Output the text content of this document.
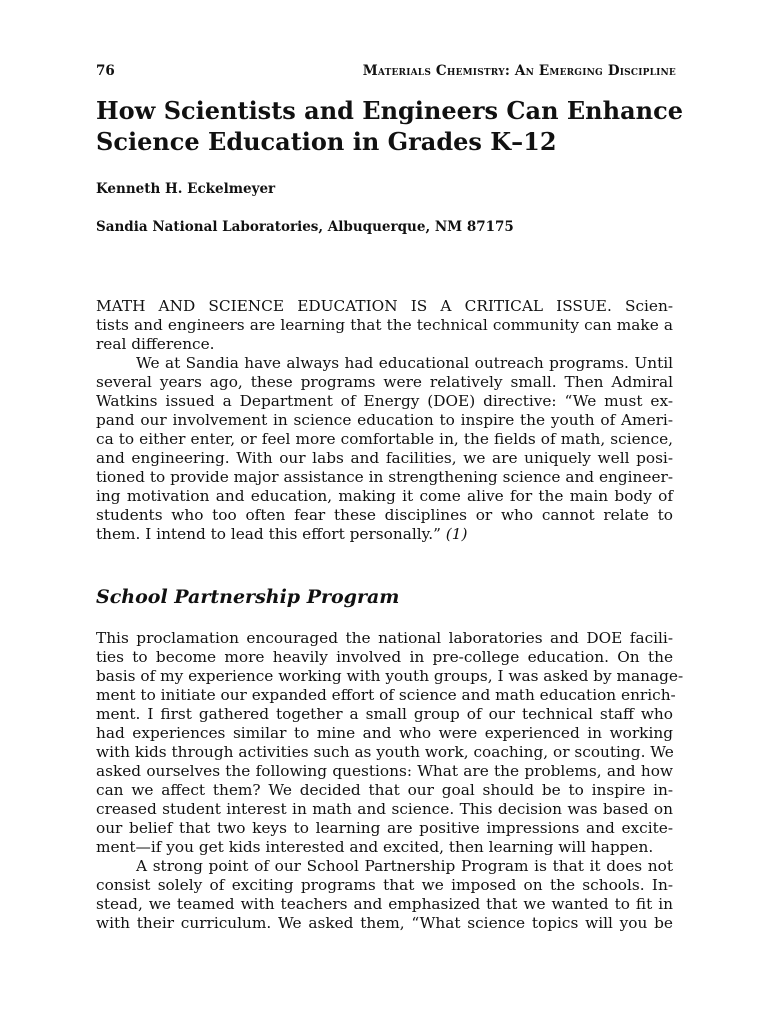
76	Materials Chemistry: An Emerging Discipline
How Scientists and Engineers Can Enhance
Science Education in Grades K–12

Kenneth H. Eckelmeyer

Sandia National Laboratories, Albuquerque, NM 87175

MATH AND SCIENCE EDUCATION IS A CRITICAL ISSUE. Scien-
tists and engineers are learning that the technical community can make a
real difference.
We at Sandia have always had educational outreach programs. Until
several years ago, these programs were relatively small. Then Admiral
Watkins issued a Department of Energy (DOE) directive: “We must ex-
pand our involvement in science education to inspire the youth of Ameri-
ca to either enter, or feel more comfortable in, the fields of math, science,
and engineering. With our labs and facilities, we are uniquely well posi-
tioned to provide major assistance in strengthening science and engineer-
ing motivation and education, making it come alive for the main body of
students who too often fear these disciplines or who cannot relate to
them. I intend to lead this effort personally.” (1)
School Partnership Program
This proclamation encouraged the national laboratories and DOE facili-
ties to become more heavily involved in pre-college education. On the
basis of my experience working with youth groups, I was asked by manage-
ment to initiate our expanded effort of science and math education enrich-
ment. I first gathered together a small group of our technical staff who
had experiences similar to mine and who were experienced in working
with kids through activities such as youth work, coaching, or scouting. We
asked ourselves the following questions: What are the problems, and how
can we affect them? We decided that our goal should be to inspire in-
creased student interest in math and science. This decision was based on
our belief that two keys to learning are positive impressions and excite-
ment—if you get kids interested and excited, then learning will happen.
A strong point of our School Partnership Program is that it does not
consist solely of exciting programs that we imposed on the schools. In-
stead, we teamed with teachers and emphasized that we wanted to fit in
with their curriculum. We asked them, “What science topics will you be
